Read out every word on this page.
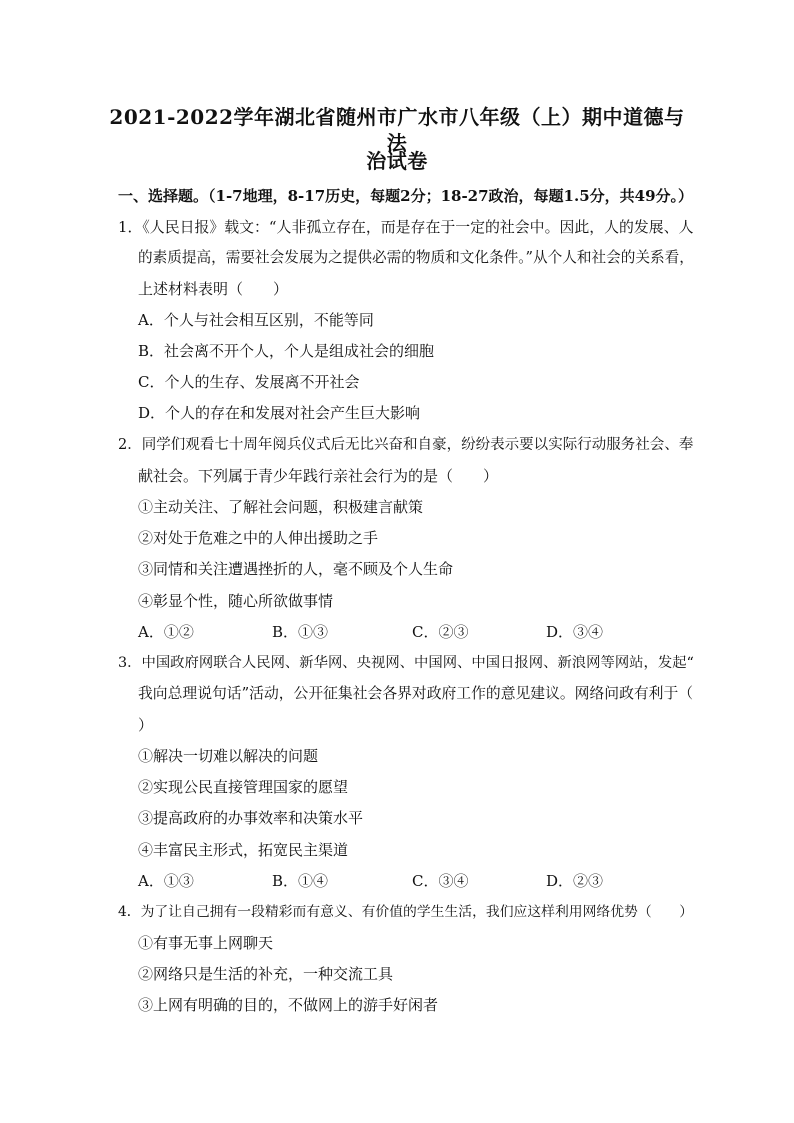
2021-2022学年湖北省随州市广水市八年级（上）期中道德与法
治试卷
一、选择题。（1-7地理，8-17历史，每题2分；18-27政治，每题1.5分，共49分。）
1．《人民日报》载文：“人非孤立存在，而是存在于一定的社会中。因此，人的发展、人
的素质提高，需要社会发展为之提供必需的物质和文化条件。”从个人和社会的关系看，
上述材料表明（　　）
A．个人与社会相互区别，不能等同
B．社会离不开个人，个人是组成社会的细胞
C．个人的生存、发展离不开社会
D．个人的存在和发展对社会产生巨大影响
2．同学们观看七十周年阅兵仪式后无比兴奋和自豪，纷纷表示要以实际行动服务社会、奉
献社会。下列属于青少年践行亲社会行为的是（　　）
①主动关注、了解社会问题，积极建言献策
②对处于危难之中的人伸出援助之手
③同情和关注遭遇挫折的人，毫不顾及个人生命
④彰显个性，随心所欲做事情
A．①②	B．①③	C．②③	D．③④
3．中国政府网联合人民网、新华网、央视网、中国网、中国日报网、新浪网等网站，发起“
我向总理说句话”活动，公开征集社会各界对政府工作的意见建议。网络问政有利于（
）
①解决一切难以解决的问题
②实现公民直接管理国家的愿望
③提高政府的办事效率和决策水平
④丰富民主形式，拓宽民主渠道
A．①③	B．①④	C．③④	D．②③
4．为了让自己拥有一段精彩而有意义、有价值的学生生活，我们应这样利用网络优势（　　）
①有事无事上网聊天
②网络只是生活的补充，一种交流工具
③上网有明确的目的，不做网上的游手好闲者
